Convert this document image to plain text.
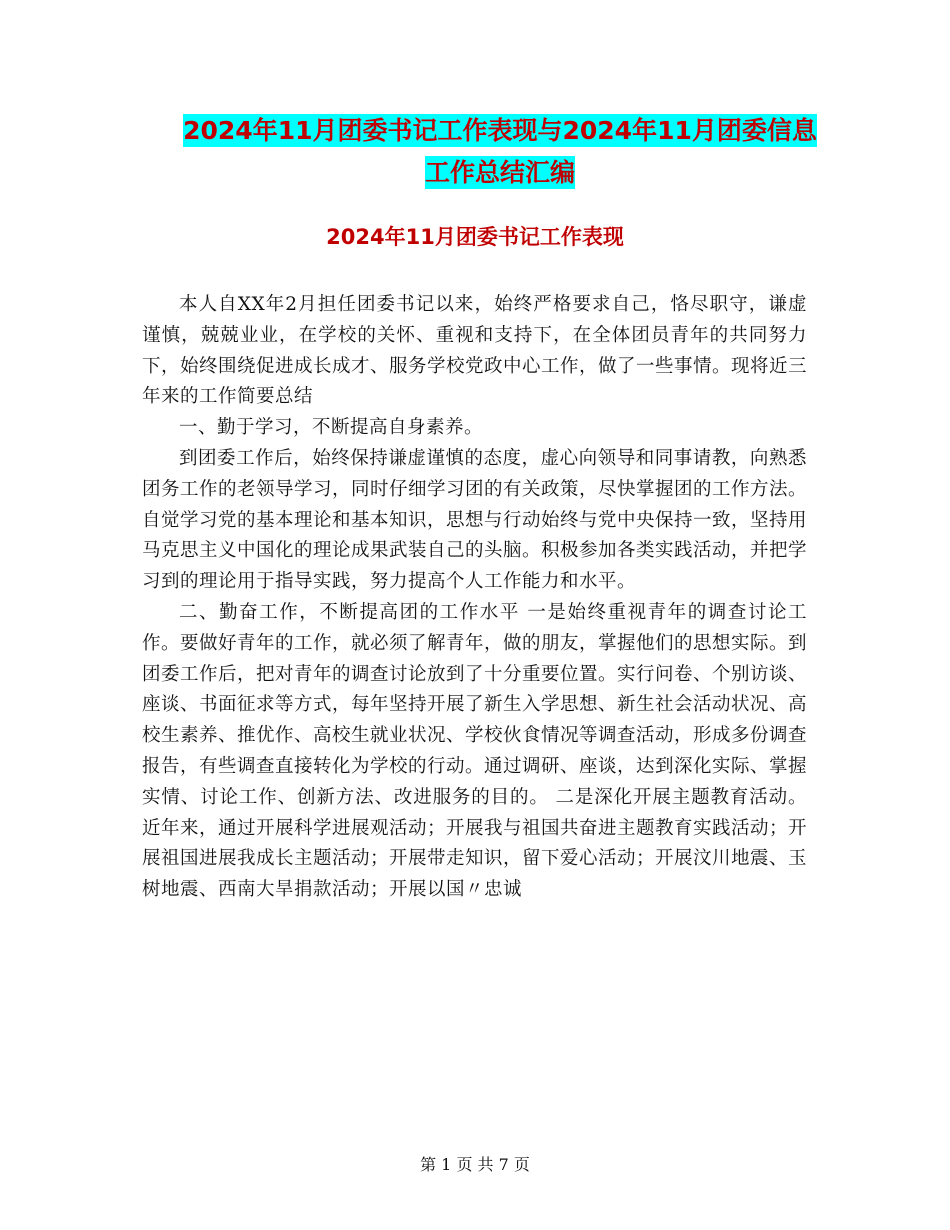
2024年11月团委书记工作表现与2024年11月团委信息工作总结汇编
2024年11月团委书记工作表现

本人自XX年2月担任团委书记以来，始终严格要求自己，恪尽职守，谦虚谨慎，兢兢业业，在学校的关怀、重视和支持下，在全体团员青年的共同努力下，始终围绕促进成长成才、服务学校党政中心工作，做了一些事情。现将近三年来的工作简要总结

一、勤于学习，不断提高自身素养。

到团委工作后，始终保持谦虚谨慎的态度，虚心向领导和同事请教，向熟悉团务工作的老领导学习，同时仔细学习团的有关政策，尽快掌握团的工作方法。自觉学习党的基本理论和基本知识，思想与行动始终与党中央保持一致，坚持用马克思主义中国化的理论成果武装自己的头脑。积极参加各类实践活动，并把学习到的理论用于指导实践，努力提高个人工作能力和水平。

二、勤奋工作，不断提高团的工作水平 一是始终重视青年的调查讨论工作。要做好青年的工作，就必须了解青年，做的朋友，掌握他们的思想实际。到团委工作后，把对青年的调查讨论放到了十分重要位置。实行问卷、个别访谈、座谈、书面征求等方式，每年坚持开展了新生入学思想、新生社会活动状况、高校生素养、推优作、高校生就业状况、学校伙食情况等调查活动，形成多份调查报告，有些调查直接转化为学校的行动。通过调研、座谈，达到深化实际、掌握实情、讨论工作、创新方法、改进服务的目的。 二是深化开展主题教育活动。近年来，通过开展科学进展观活动；开展我与祖国共奋进主题教育实践活动；开展祖国进展我成长主题活动；开展带走知识，留下爱心活动；开展汶川地震、玉树地震、西南大旱捐款活动；开展以国〃忠诚

第 1 页 共 7 页
